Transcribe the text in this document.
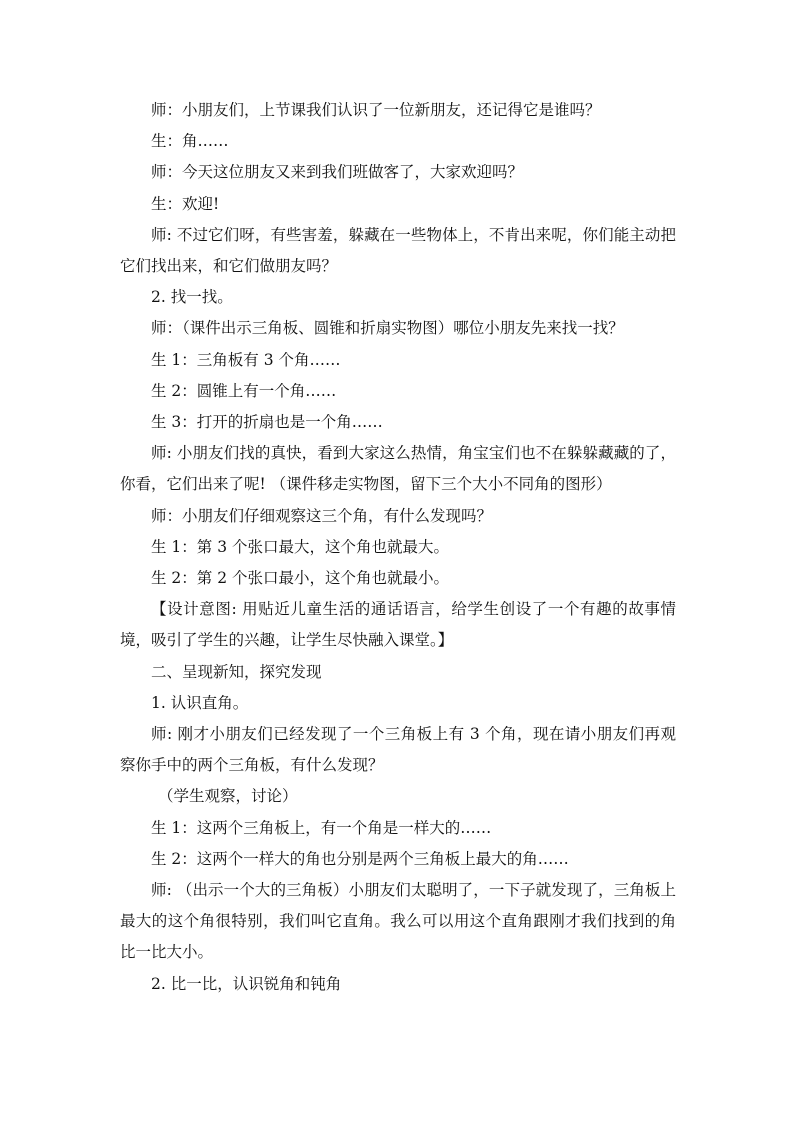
师：小朋友们，上节课我们认识了一位新朋友，还记得它是谁吗？

生：角……

师：今天这位朋友又来到我们班做客了，大家欢迎吗？

生：欢迎!

师: 不过它们呀，有些害羞，躲藏在一些物体上，不肯出来呢，你们能主动把它们找出来，和它们做朋友吗？

2. 找一找。

师：（课件出示三角板、圆锥和折扇实物图）哪位小朋友先来找一找？

生 1：三角板有 3 个角……

生 2：圆锥上有一个角……

生 3：打开的折扇也是一个角……

师: 小朋友们找的真快，看到大家这么热情，角宝宝们也不在躲躲藏藏的了，你看，它们出来了呢! （课件移走实物图，留下三个大小不同角的图形）

师：小朋友们仔细观察这三个角，有什么发现吗？

生 1：第 3 个张口最大，这个角也就最大。

生 2：第 2 个张口最小，这个角也就最小。

【设计意图: 用贴近儿童生活的通话语言，给学生创设了一个有趣的故事情境，吸引了学生的兴趣，让学生尽快融入课堂。】

二、呈现新知，探究发现

1. 认识直角。

师: 刚才小朋友们已经发现了一个三角板上有 3 个角，现在请小朋友们再观察你手中的两个三角板，有什么发现？

（学生观察，讨论）

生 1：这两个三角板上，有一个角是一样大的……

生 2：这两个一样大的角也分别是两个三角板上最大的角……

师: （出示一个大的三角板）小朋友们太聪明了，一下子就发现了，三角板上最大的这个角很特别，我们叫它直角。我么可以用这个直角跟刚才我们找到的角比一比大小。

2. 比一比，认识锐角和钝角
